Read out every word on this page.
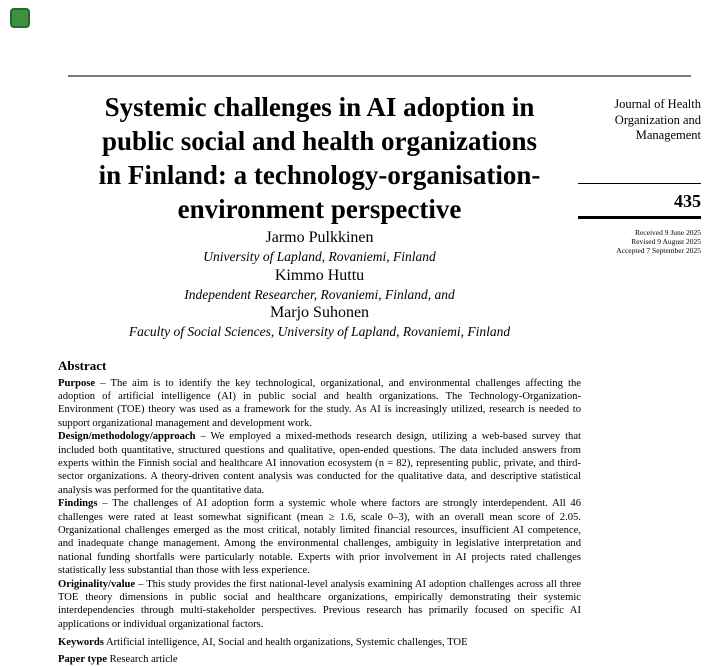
Systemic challenges in AI adoption in
public social and health organizations
in Finland: a technology-organisation-
environment perspective
Jarmo Pulkkinen
University of Lapland, Rovaniemi, Finland
Kimmo Huttu
Independent Researcher, Rovaniemi, Finland, and
Marjo Suhonen
Faculty of Social Sciences, University of Lapland, Rovaniemi, Finland

Abstract

Purpose – The aim is to identify the key technological, organizational, and environmental challenges affecting the adoption of artificial intelligence (AI) in public social and health organizations. The Technology-Organization-Environment (TOE) theory was used as a framework for the study. As AI is increasingly utilized, research is needed to support organizational management and development work.

Design/methodology/approach – We employed a mixed-methods research design, utilizing a web-based survey that included both quantitative, structured questions and qualitative, open-ended questions. The data included answers from experts within the Finnish social and healthcare AI innovation ecosystem (n = 82), representing public, private, and third-sector organizations. A theory-driven content analysis was conducted for the qualitative data, and descriptive statistical analysis was performed for the quantitative data.

Findings – The challenges of AI adoption form a systemic whole where factors are strongly interdependent. All 46 challenges were rated at least somewhat significant (mean ≥ 1.6, scale 0–3), with an overall mean score of 2.05. Organizational challenges emerged as the most critical, notably limited financial resources, insufficient AI competence, and inadequate change management. Among the environmental challenges, ambiguity in legislative interpretation and national funding shortfalls were particularly notable. Experts with prior involvement in AI projects rated challenges statistically less substantial than those with less experience.

Originality/value – This study provides the first national-level analysis examining AI adoption challenges across all three TOE theory dimensions in public social and healthcare organizations, empirically demonstrating their systemic interdependencies through multi-stakeholder perspectives. Previous research has primarily focused on specific AI applications or individual organizational factors.

Keywords Artificial intelligence, AI, Social and health organizations, Systemic challenges, TOE

Paper type Research article

Journal of Health Organization and Management
435
Received 9 June 2025
Revised 9 August 2025
Accepted 7 September 2025
